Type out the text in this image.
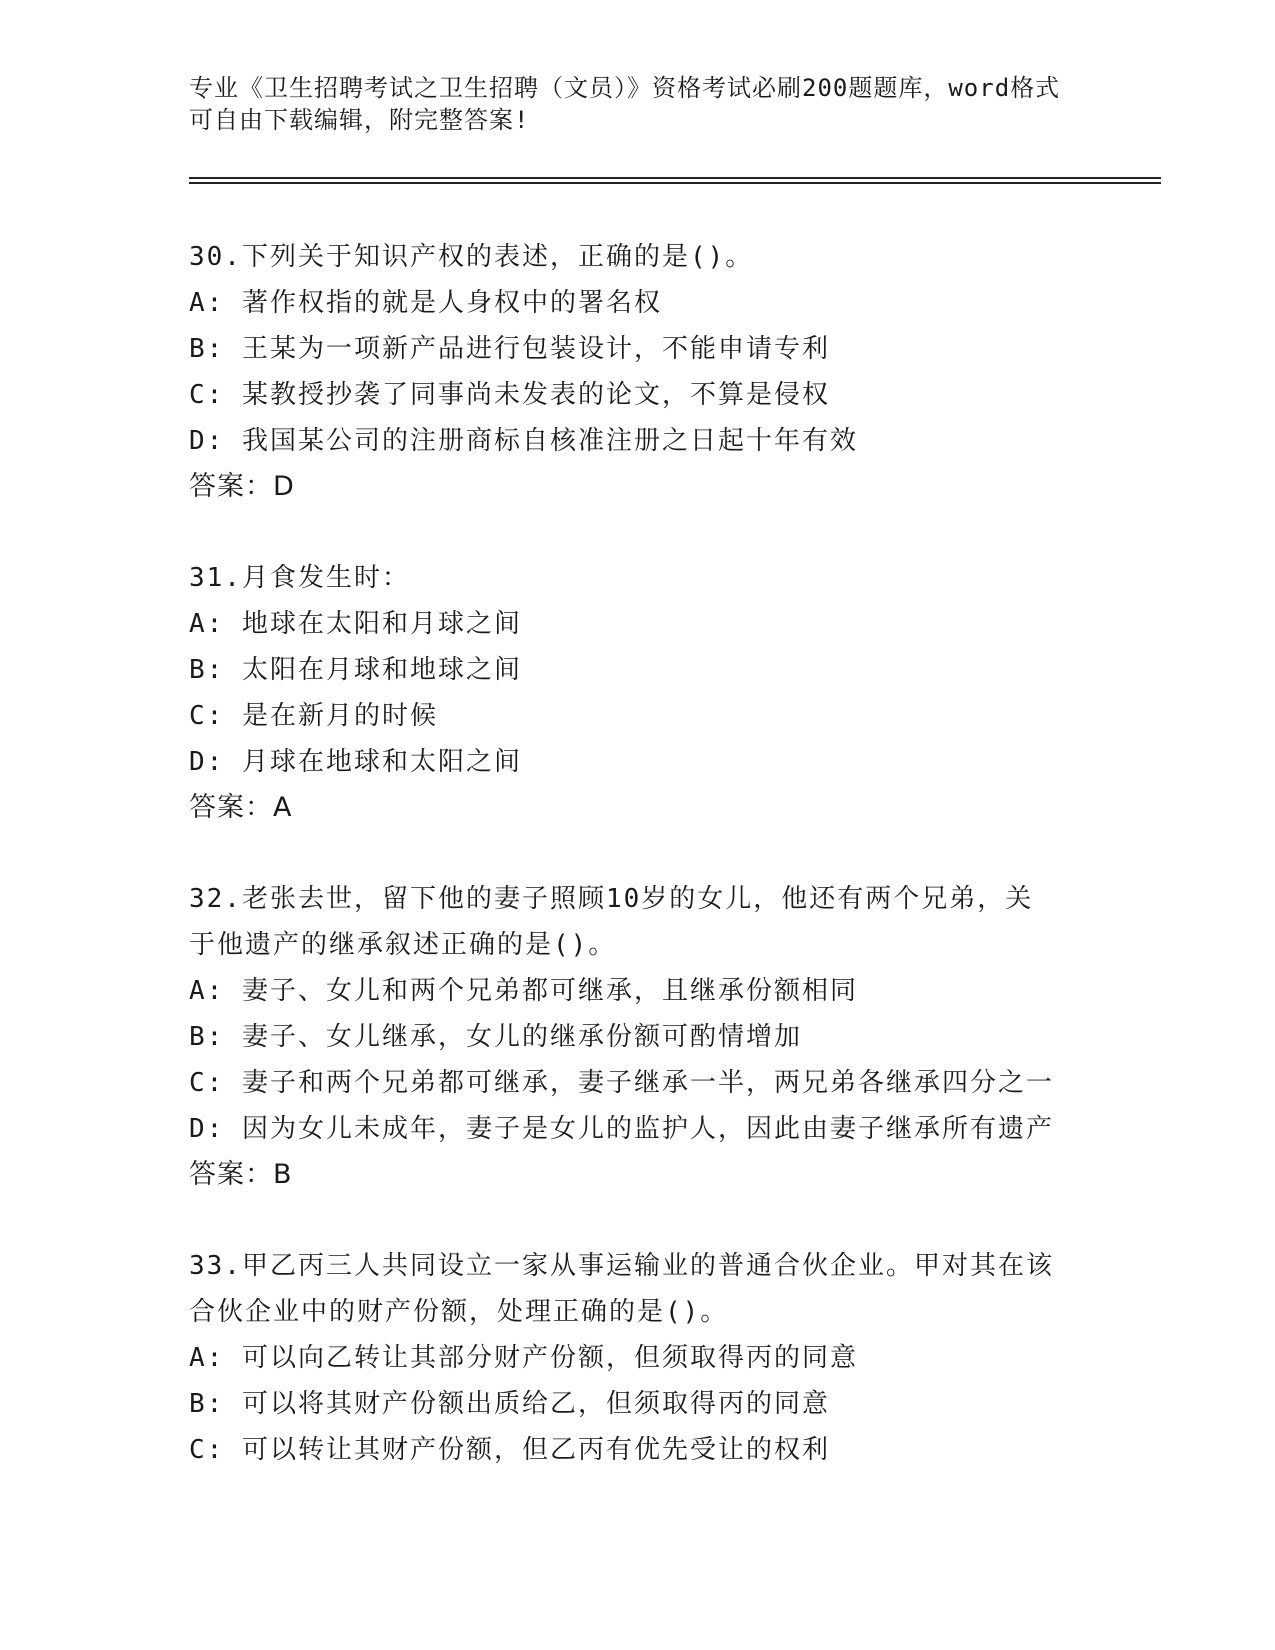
专业《卫生招聘考试之卫生招聘（文员）》资格考试必刷200题题库，word格式
可自由下载编辑，附完整答案!
30.下列关于知识产权的表述，正确的是()。
A: 著作权指的就是人身权中的署名权
B: 王某为一项新产品进行包装设计，不能申请专利
C: 某教授抄袭了同事尚未发表的论文，不算是侵权
D: 我国某公司的注册商标自核准注册之日起十年有效
答案：D
31.月食发生时：
A: 地球在太阳和月球之间
B: 太阳在月球和地球之间
C: 是在新月的时候
D: 月球在地球和太阳之间
答案：A
32.老张去世，留下他的妻子照顾10岁的女儿，他还有两个兄弟，关
于他遗产的继承叙述正确的是()。
A: 妻子、女儿和两个兄弟都可继承，且继承份额相同
B: 妻子、女儿继承，女儿的继承份额可酌情增加
C: 妻子和两个兄弟都可继承，妻子继承一半，两兄弟各继承四分之一
D: 因为女儿未成年，妻子是女儿的监护人，因此由妻子继承所有遗产
答案：B
33.甲乙丙三人共同设立一家从事运输业的普通合伙企业。甲对其在该
合伙企业中的财产份额，处理正确的是()。
A: 可以向乙转让其部分财产份额，但须取得丙的同意
B: 可以将其财产份额出质给乙，但须取得丙的同意
C: 可以转让其财产份额，但乙丙有优先受让的权利
